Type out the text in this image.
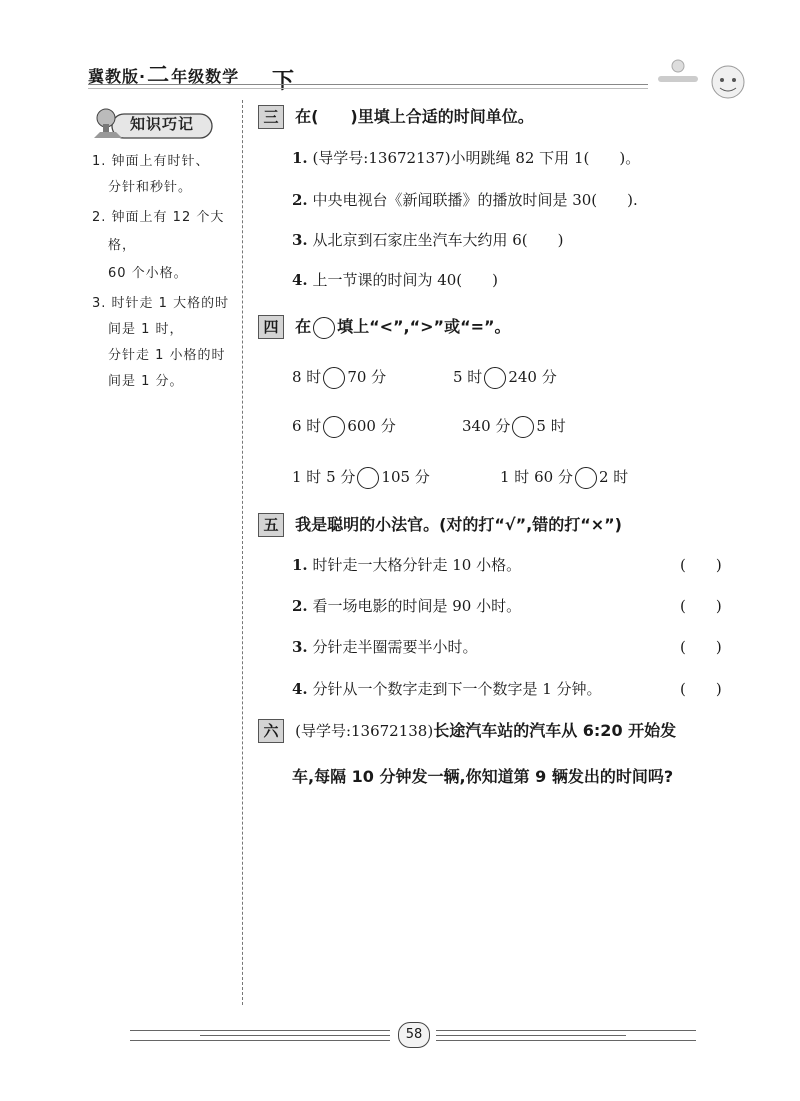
冀教版·二年级数学 下
知识巧记
1. 钟面上有时针、
分针和秒针。
2. 钟面上有 12 个大
格，
60 个小格。
3. 时针走 1 大格的时
间是 1 时，
分针走 1 小格的时
间是 1 分。
三 在(　　)里填上合适的时间单位。
1. (导学号:13672137)小明跳绳 82 下用 1(　　)。
2. 中央电视台《新闻联播》的播放时间是 30(　　).
3. 从北京到石家庄坐汽车大约用 6(　　)
4. 上一节课的时间为 40(　　)
四 在 填上“<”,“>”或“=”。
8 时 70 分	5 时 240 分
6 时 600 分	340 分 5 时
1 时 5 分 105 分	1 时 60 分 2 时
五 我是聪明的小法官。(对的打“√”,错的打“×”)
1. 时针走一大格分针走 10 小格。	(　　)
2. 看一场电影的时间是 90 小时。	(　　)
3. 分针走半圈需要半小时。	(　　)
4. 分针从一个数字走到下一个数字是 1 分钟。	(　　)
六 (导学号:13672138)长途汽车站的汽车从 6:20 开始发
车,每隔 10 分钟发一辆,你知道第 9 辆发出的时间吗?
58
